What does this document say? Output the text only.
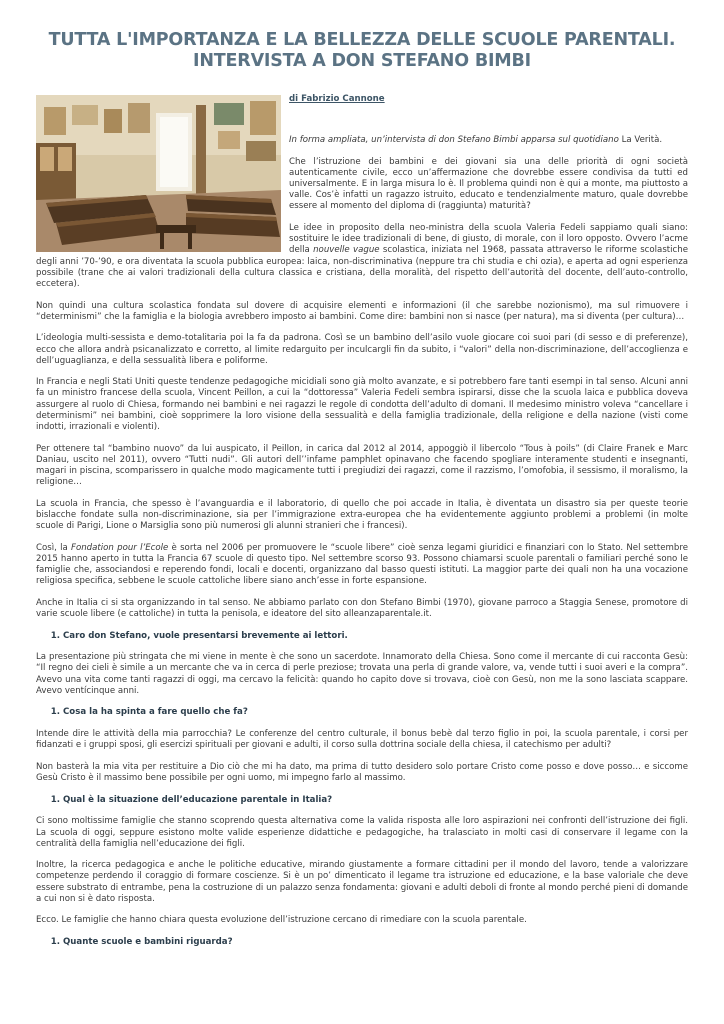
TUTTA L'IMPORTANZA E LA BELLEZZA DELLE SCUOLE PARENTALI.
INTERVISTA A DON STEFANO BIMBI

di Fabrizio Cannone

In forma ampliata, un’intervista di don Stefano Bimbi apparsa sul quotidiano La Verità.

Che l’istruzione dei bambini e dei giovani sia una delle priorità di ogni società autenticamente civile, ecco un’affermazione che dovrebbe essere condivisa da tutti ed universalmente. E in larga misura lo è. Il problema quindi non è qui a monte, ma piuttosto a valle. Cos’è infatti un ragazzo istruito, educato e tendenzialmente maturo, quale dovrebbe essere al momento del diploma di (raggiunta) maturità?

Le idee in proposito della neo-ministra della scuola Valeria Fedeli sappiamo quali siano: sostituire le idee tradizionali di bene, di giusto, di morale, con il loro opposto. Ovvero l’acme della nouvelle vague scolastica, iniziata nel 1968, passata attraverso le riforme scolastiche degli anni ’70-’90, e ora diventata la scuola pubblica europea: laica, non-discriminativa (neppure tra chi studia e chi ozia), e aperta ad ogni esperienza possibile (trane che ai valori tradizionali della cultura classica e cristiana, della moralità, del rispetto dell’autorità del docente, dell’auto-controllo, eccetera).

Non quindi una cultura scolastica fondata sul dovere di acquisire elementi e informazioni (il che sarebbe nozionismo), ma sul rimuovere i “determinismi” che la famiglia e la biologia avrebbero imposto ai bambini. Come dire: bambini non si nasce (per natura), ma si diventa (per cultura)…

L’ideologia multi-sessista e demo-totalitaria poi la fa da padrona. Così se un bambino dell’asilo vuole giocare coi suoi pari (di sesso e di preferenze), ecco che allora andrà psicanalizzato e corretto, al limite redarguito per inculcargli fin da subito, i “valori” della non-discriminazione, dell’accoglienza e dell’uguaglianza, e della sessualità libera e poliforme.

In Francia e negli Stati Uniti queste tendenze pedagogiche micidiali sono già molto avanzate, e si potrebbero fare tanti esempi in tal senso. Alcuni anni fa un ministro francese della scuola, Vincent Peillon, a cui la “dottoressa” Valeria Fedeli sembra ispirarsi, disse che la scuola laica e pubblica doveva assurgere al ruolo di Chiesa, formando nei bambini e nei ragazzi le regole di condotta dell’adulto di domani. Il medesimo ministro voleva “cancellare i determinismi” nei bambini, cioè sopprimere la loro visione della sessualità e della famiglia tradizionale, della religione e della nazione (visti come indotti, irrazionali e violenti).

Per ottenere tal “bambino nuovo” da lui auspicato, il Peillon, in carica dal 2012 al 2014, appoggiò il libercolo “Tous à poils” (di Claire Franek e Marc Daniau, uscito nel 2011), ovvero “Tutti nudi”. Gli autori dell’’infame pamphlet opinavano che facendo spogliare interamente studenti e insegnanti, magari in piscina, scomparissero in qualche modo magicamente tutti i pregiudizi dei ragazzi, come il razzismo, l’omofobia, il sessismo, il moralismo, la religione…

La scuola in Francia, che spesso è l’avanguardia e il laboratorio, di quello che poi accade in Italia, è diventata un disastro sia per queste teorie bislacche fondate sulla non-discriminazione, sia per l’immigrazione extra-europea che ha evidentemente aggiunto problemi a problemi (in molte scuole di Parigi, Lione o Marsiglia sono più numerosi gli alunni stranieri che i francesi).

Così, la Fondation pour l’Ecole è sorta nel 2006 per promuovere le “scuole libere” cioè senza legami giuridici e finanziari con lo Stato. Nel settembre 2015 hanno aperto in tutta la Francia 67 scuole di questo tipo. Nel settembre scorso 93. Possono chiamarsi scuole parentali o familiari perché sono le famiglie che, associandosi e reperendo fondi, locali e docenti, organizzano dal basso questi istituti. La maggior parte dei quali non ha una vocazione religiosa specifica, sebbene le scuole cattoliche libere siano anch’esse in forte espansione.

Anche in Italia ci si sta organizzando in tal senso. Ne abbiamo parlato con don Stefano Bimbi (1970), giovane parroco a Staggia Senese, promotore di varie scuole libere (e cattoliche) in tutta la penisola, e ideatore del sito alleanzaparentale.it.

1. Caro don Stefano, vuole presentarsi brevemente ai lettori.

La presentazione più stringata che mi viene in mente è che sono un sacerdote. Innamorato della Chiesa. Sono come il mercante di cui racconta Gesù: “Il regno dei cieli è simile a un mercante che va in cerca di perle preziose; trovata una perla di grande valore, va, vende tutti i suoi averi e la compra”. Avevo una vita come tanti ragazzi di oggi, ma cercavo la felicità: quando ho capito dove si trovava, cioè con Gesù, non me la sono lasciata scappare. Avevo ventícinque anni.

1. Cosa la ha spinta a fare quello che fa?

Intende dire le attività della mia parrocchia? Le conferenze del centro culturale, il bonus bebè dal terzo figlio in poi, la scuola parentale, i corsi per fidanzati e i gruppi sposi, gli esercizi spirituali per giovani e adulti, il corso sulla dottrina sociale della chiesa, il catechismo per adulti?

Non basterà la mia vita per restituire a Dio ciò che mi ha dato, ma prima di tutto desidero solo portare Cristo come posso e dove posso… e siccome Gesù Cristo è il massimo bene possibile per ogni uomo, mi impegno farlo al massimo.

1. Qual è la situazione dell’educazione parentale in Italia?

Ci sono moltissime famiglie che stanno scoprendo questa alternativa come la valida risposta alle loro aspirazioni nei confronti dell’istruzione dei figli. La scuola di oggi, seppure esistono molte valide esperienze didattiche e pedagogiche, ha tralasciato in molti casi di conservare il legame con la centralità della famiglia nell’educazione dei figli.

Inoltre, la ricerca pedagogica e anche le politiche educative, mirando giustamente a formare cittadini per il mondo del lavoro, tende a valorizzare competenze perdendo il coraggio di formare coscienze. Si è un po’ dimenticato il legame tra istruzione ed educazione, e la base valoriale che deve essere substrato di entrambe, pena la costruzione di un palazzo senza fondamenta: giovani e adulti deboli di fronte al mondo perché pieni di domande a cui non si è dato risposta.

Ecco. Le famiglie che hanno chiara questa evoluzione dell’istruzione cercano di rimediare con la scuola parentale.

1. Quante scuole e bambini riguarda?
